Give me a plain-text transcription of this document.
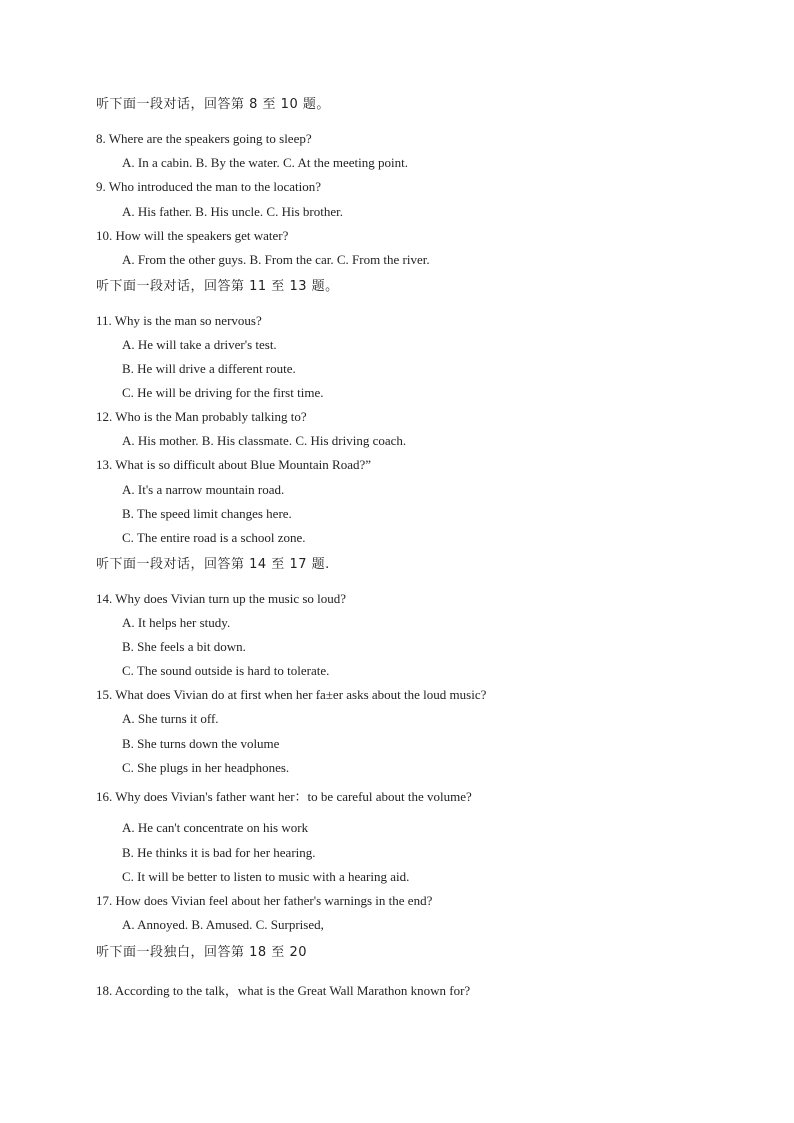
听下面一段对话，回答第 8 至 10 题。
8. Where are the speakers going to sleep?
A. In a cabin. B. By the water. C. At the meeting point.
9. Who introduced the man to the location?
A. His father. B. His uncle. C. His brother.
10. How will the speakers get water?
A. From the other guys. B. From the car. C. From the river.
听下面一段对话，回答第 11 至 13 题。
11. Why is the man so nervous?
A. He will take a driver's test.
B. He will drive a different route.
C. He will be driving for the first time.
12. Who is the Man probably talking to?
A. His mother. B. His classmate. C. His driving coach.
13. What is so difficult about Blue Mountain Road?”
A. It's a narrow mountain road.
B. The speed limit changes here.
C. The entire road is a school zone.
听下面一段对话，回答第 14 至 17 题.
14. Why does Vivian turn up the music so loud?
A. It helps her study.
B. She feels a bit down.
C. The sound outside is hard to tolerate.
15. What does Vivian do at first when her fa±er asks about the loud music?
A. She turns it off.
B. She turns down the volume
C. She plugs in her headphones.
16. Why does Vivian's father want her：to be careful about the volume?
A. He can't concentrate on his work
B. He thinks it is bad for her hearing.
C. It will be better to listen to music with a hearing aid.
17. How does Vivian feel about her father's warnings in the end?
A. Annoyed. B. Amused. C. Surprised,
听下面一段独白，回答第 18 至 20
18. According to the talk，what is the Great Wall Marathon known for?
